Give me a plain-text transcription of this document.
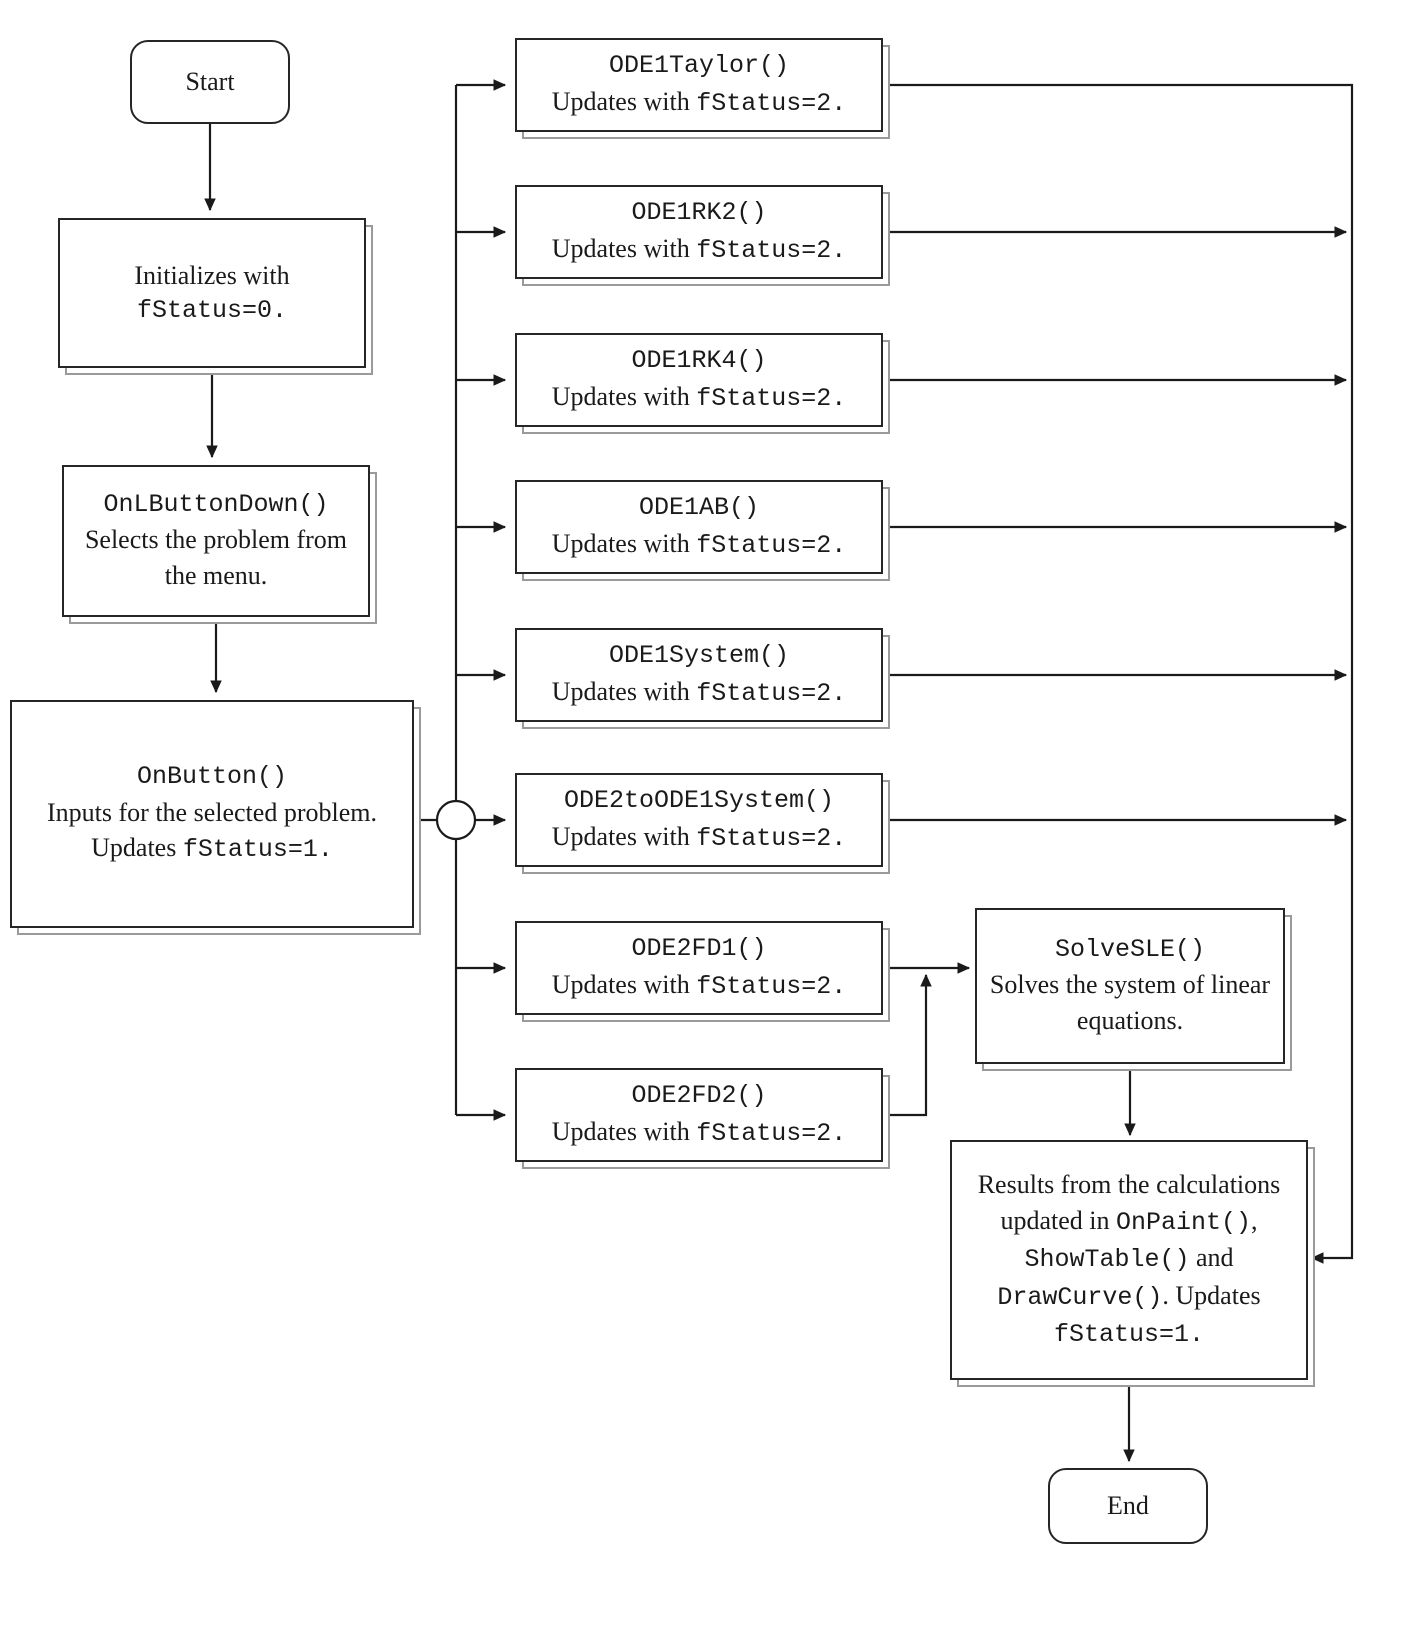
Start
Initializes with
fStatus=0.
OnLButtonDown()
Selects the problem from the menu.
OnButton()
Inputs for the selected problem.
Updates fStatus=1.
ODE1Taylor()
Updates with fStatus=2.
ODE1RK2()
Updates with fStatus=2.
ODE1RK4()
Updates with fStatus=2.
ODE1AB()
Updates with fStatus=2.
ODE1System()
Updates with fStatus=2.
ODE2toODE1System()
Updates with fStatus=2.
ODE2FD1()
Updates with fStatus=2.
ODE2FD2()
Updates with fStatus=2.
SolveSLE()
Solves the system of linear equations.
Results from the calculations updated in OnPaint(), ShowTable() and DrawCurve(). Updates fStatus=1.
End
